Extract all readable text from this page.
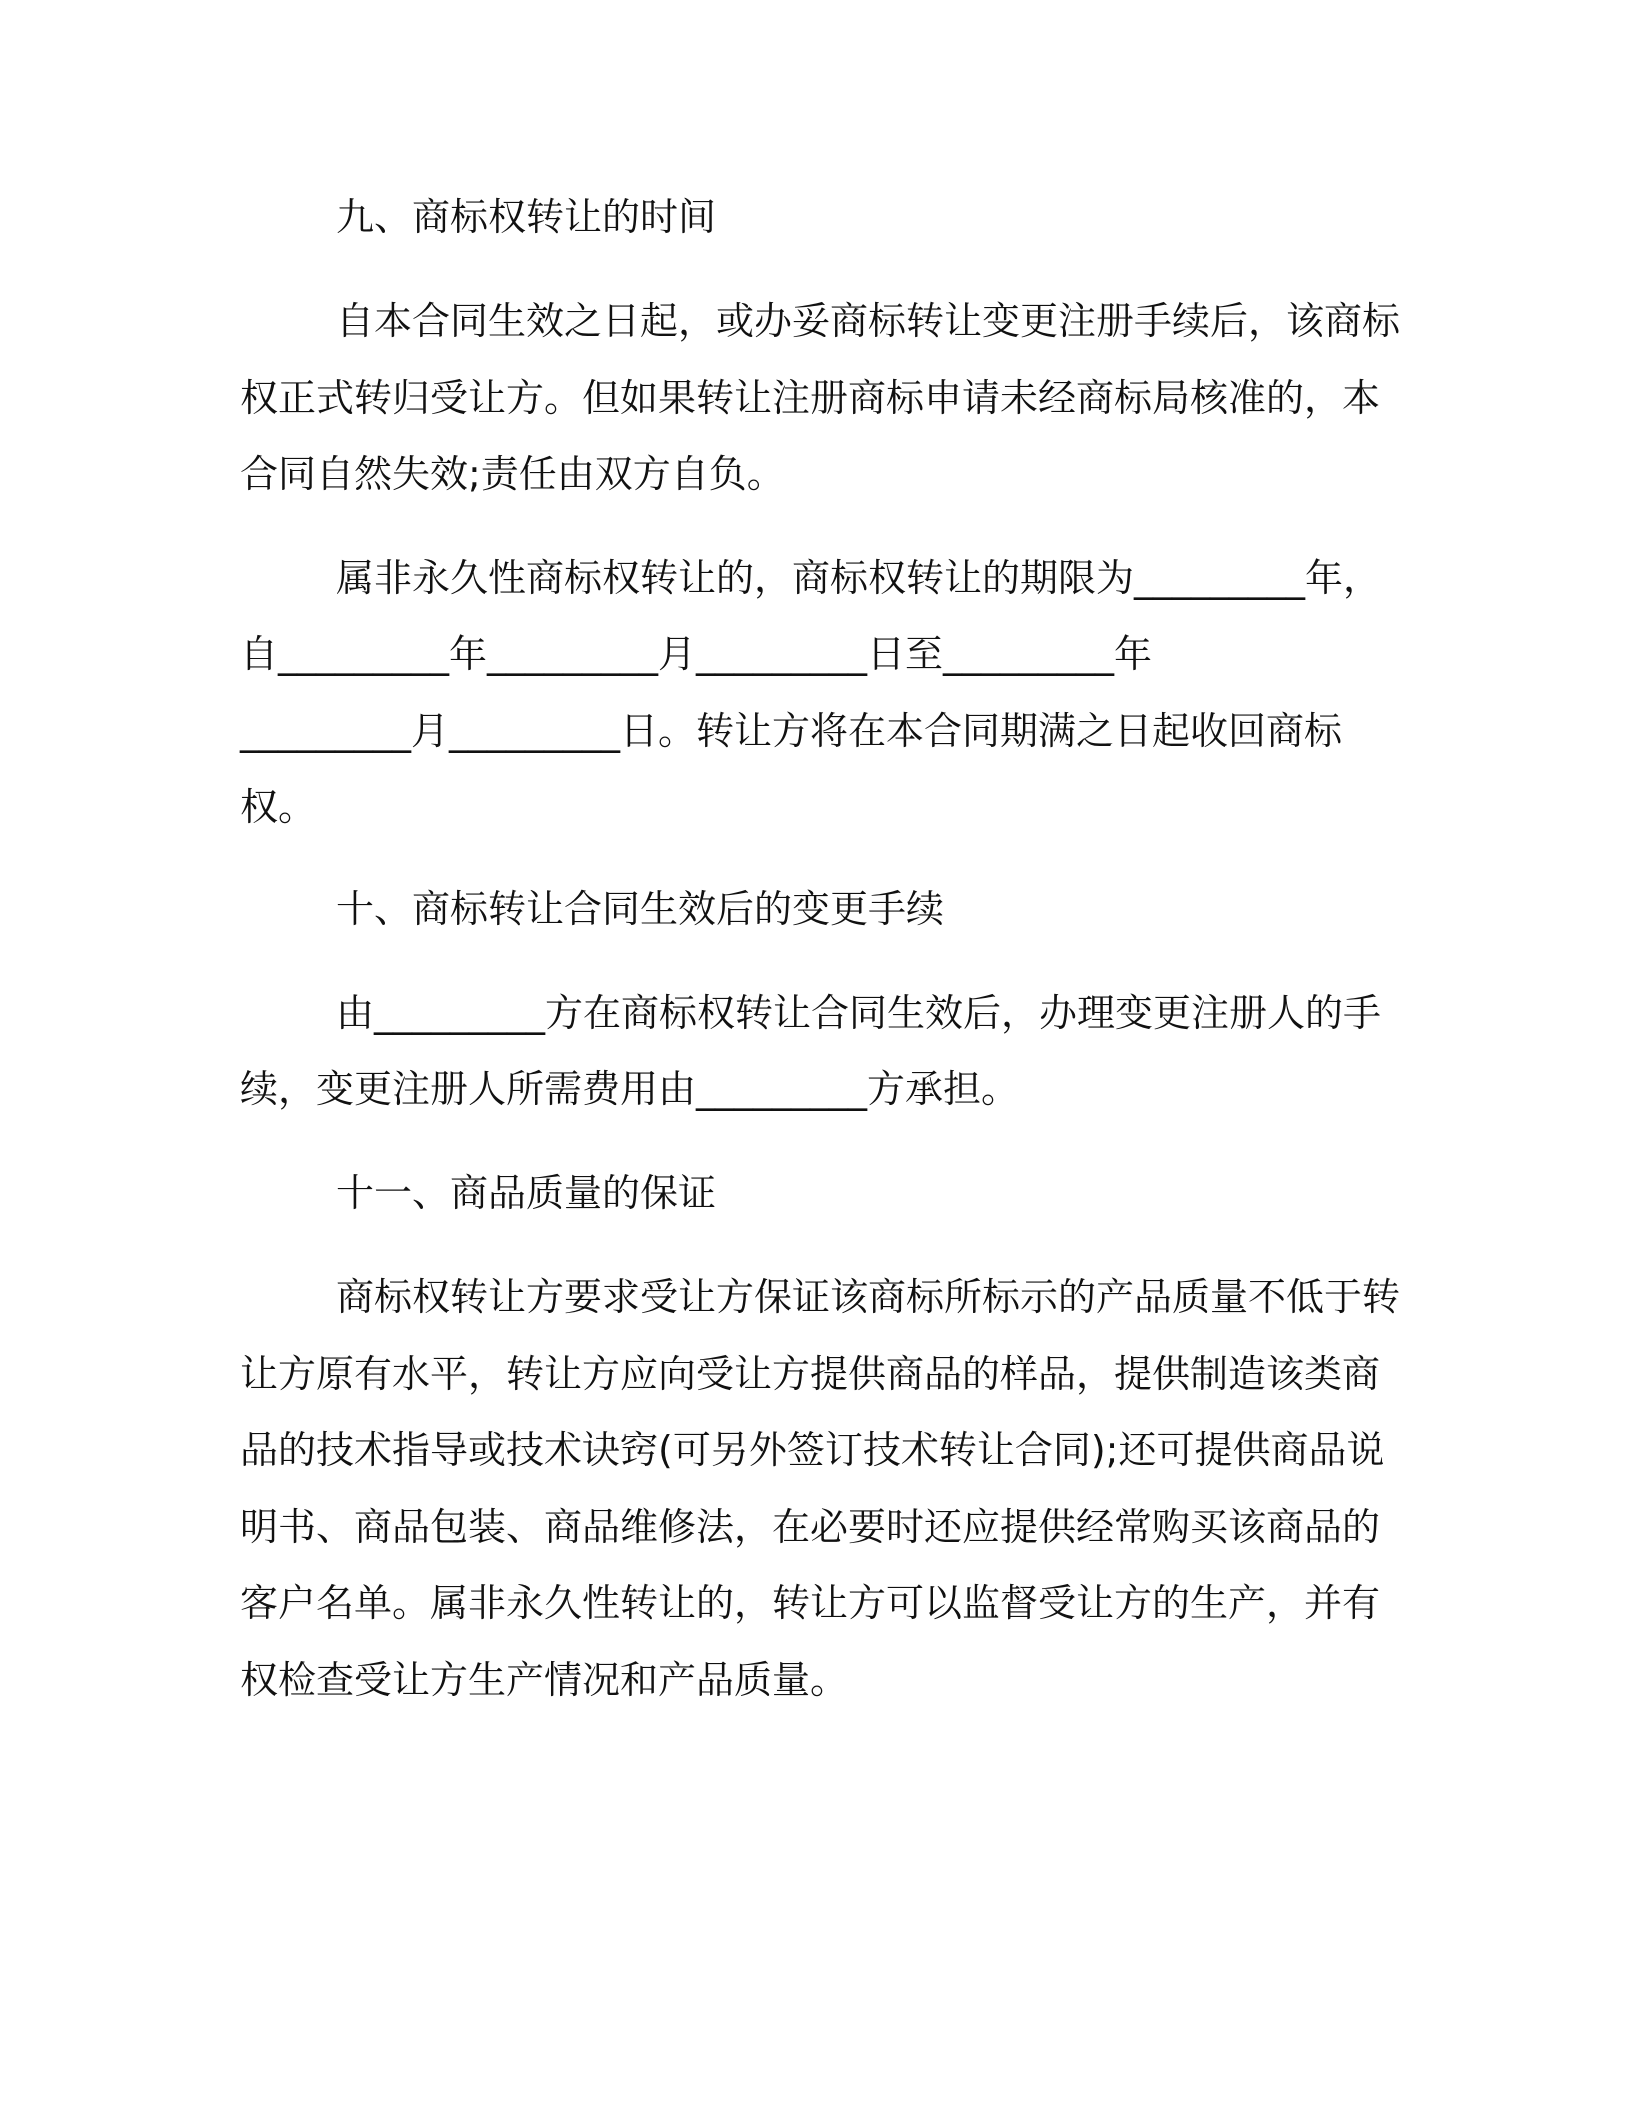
九、商标权转让的时间
自本合同生效之日起，或办妥商标转让变更注册手续后，该商标
权正式转归受让方。但如果转让注册商标申请未经商标局核准的，本
合同自然失效;责任由双方自负。
属非永久性商标权转让的，商标权转让的期限为_________年，
自_________年_________月_________日至_________年
_________月_________日。转让方将在本合同期满之日起收回商标
权。
十、商标转让合同生效后的变更手续
由_________方在商标权转让合同生效后，办理变更注册人的手
续，变更注册人所需费用由_________方承担。
十一、商品质量的保证
商标权转让方要求受让方保证该商标所标示的产品质量不低于转
让方原有水平，转让方应向受让方提供商品的样品，提供制造该类商
品的技术指导或技术诀窍(可另外签订技术转让合同);还可提供商品说
明书、商品包装、商品维修法，在必要时还应提供经常购买该商品的
客户名单。属非永久性转让的，转让方可以监督受让方的生产，并有
权检查受让方生产情况和产品质量。
